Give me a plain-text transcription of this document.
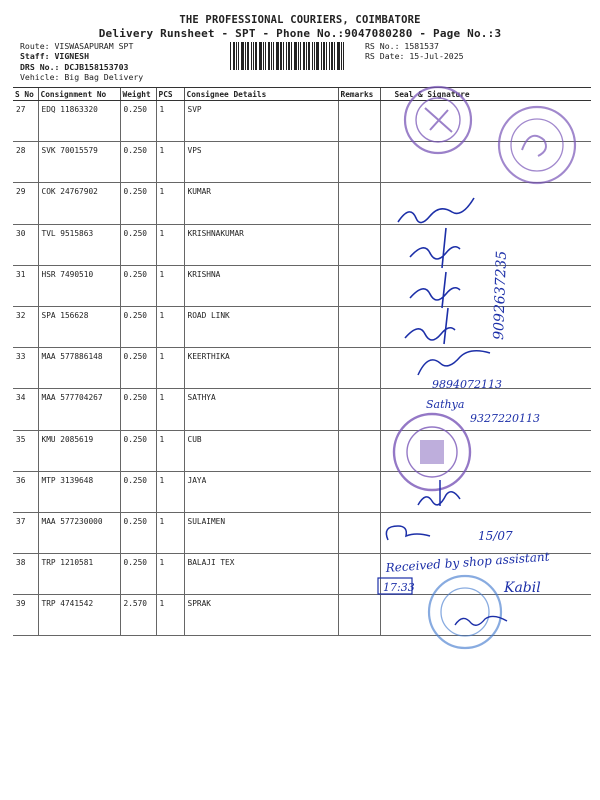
THE PROFESSIONAL COURIERS, COIMBATORE
Delivery Runsheet - SPT - Phone No.:9047080280 - Page No.:3
Route: VISWASAPURAM SPT
Staff: VIGNESH
DRS No.: DCJB158153703
Vehicle: Big Bag Delivery
RS No.: 1581537
RS Date: 15-Jul-2025
S No	Consignment No	Weight	PCS	Consignee Details	Remarks	Seal & Signature
27	EDQ 11863320	0.250	1	SVP		
28	SVK 70015579	0.250	1	VPS		
29	COK 24767902	0.250	1	KUMAR		
30	TVL 9515863	0.250	1	KRISHNAKUMAR		
31	HSR 7490510	0.250	1	KRISHNA		
32	SPA 156628	0.250	1	ROAD LINK		
33	MAA 577886148	0.250	1	KEERTHIKA		
34	MAA 577704267	0.250	1	SATHYA		
35	KMU 2085619	0.250	1	CUB		
36	MTP 3139648	0.250	1	JAYA		
37	MAA 577230000	0.250	1	SULAIMEN		
38	TRP 1210581	0.250	1	BALAJI TEX		
39	TRP 4741542	2.570	1	SPRAK		
9092637235
9894072113
Sathya
9327220113
15/07
Received by shop assistant
17:33	Kabil
